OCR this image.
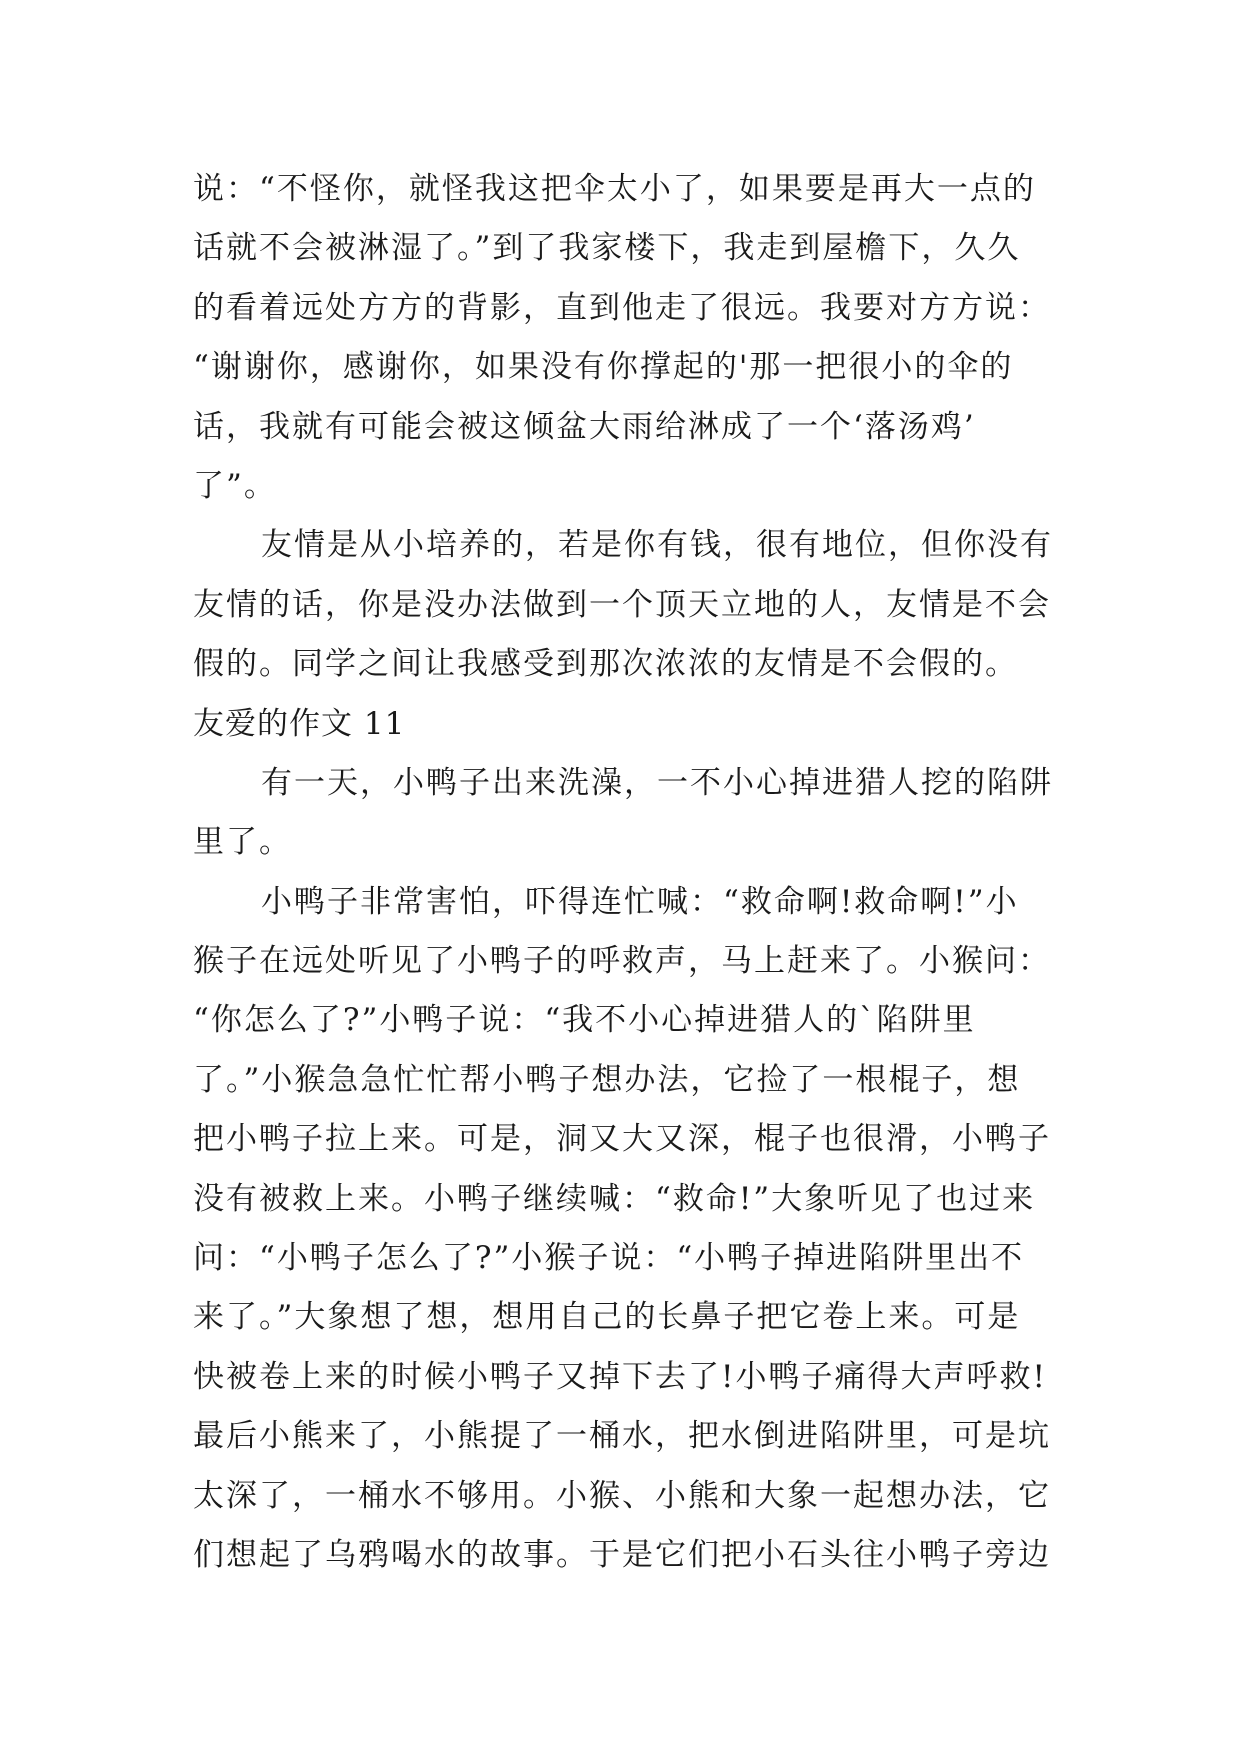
说：“不怪你，就怪我这把伞太小了，如果要是再大一点的
话就不会被淋湿了。”到了我家楼下，我走到屋檐下，久久
的看着远处方方的背影，直到他走了很远。我要对方方说：
“谢谢你，感谢你，如果没有你撑起的'那一把很小的伞的
话，我就有可能会被这倾盆大雨给淋成了一个‘落汤鸡’
了”。
友情是从小培养的，若是你有钱，很有地位，但你没有
友情的话，你是没办法做到一个顶天立地的人，友情是不会
假的。同学之间让我感受到那次浓浓的友情是不会假的。
友爱的作文 11
有一天，小鸭子出来洗澡，一不小心掉进猎人挖的陷阱
里了。
小鸭子非常害怕，吓得连忙喊：“救命啊!救命啊!”小
猴子在远处听见了小鸭子的呼救声，马上赶来了。小猴问：
“你怎么了?”小鸭子说：“我不小心掉进猎人的`陷阱里
了。”小猴急急忙忙帮小鸭子想办法，它捡了一根棍子，想
把小鸭子拉上来。可是，洞又大又深，棍子也很滑，小鸭子
没有被救上来。小鸭子继续喊：“救命!”大象听见了也过来
问：“小鸭子怎么了?”小猴子说：“小鸭子掉进陷阱里出不
来了。”大象想了想，想用自己的长鼻子把它卷上来。可是
快被卷上来的时候小鸭子又掉下去了!小鸭子痛得大声呼救!
最后小熊来了，小熊提了一桶水，把水倒进陷阱里，可是坑
太深了，一桶水不够用。小猴、小熊和大象一起想办法，它
们想起了乌鸦喝水的故事。于是它们把小石头往小鸭子旁边
